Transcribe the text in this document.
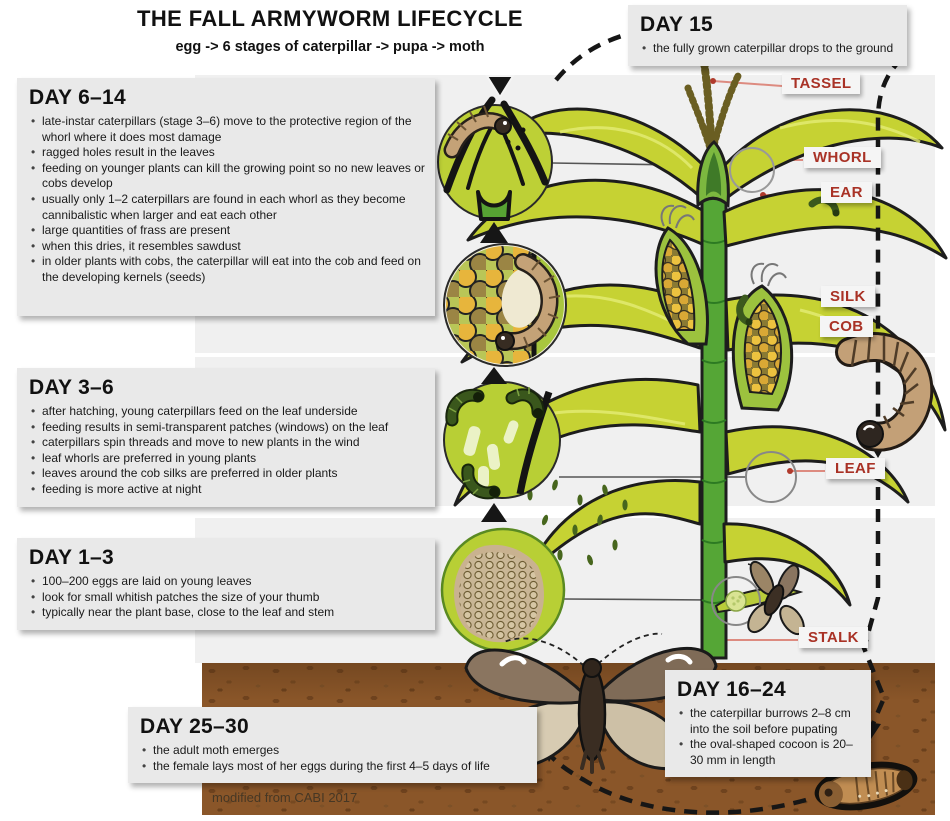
THE FALL ARMYWORM LIFECYCLE
egg -> 6 stages of caterpillar -> pupa -> moth
DAY 15
• the fully grown caterpillar drops to the ground
DAY 6–14
• late-instar caterpillars (stage 3–6) move to the protective region of the whorl where it does most damage
• ragged holes result in the leaves
• feeding on younger plants can kill the growing point so no new leaves or cobs develop
• usually only 1–2 caterpillars are found in each whorl as they become cannibalistic when larger and eat each other
• large quantities of frass are present
• when this dries, it resembles sawdust
• in older plants with cobs, the caterpillar will eat into the cob and feed on the developing kernels (seeds)
DAY 3–6
• after hatching, young caterpillars feed on the leaf underside
• feeding results in semi-transparent patches (windows) on the leaf
• caterpillars spin threads and move to new plants in the wind
• leaf whorls are preferred in young plants
• leaves around the cob silks are preferred in older plants
• feeding is more active at night
DAY 1–3
• 100–200 eggs are laid on young leaves
• look for small whitish patches the size of your thumb
• typically near the plant base, close to the leaf and stem
DAY 16–24
• the caterpillar burrows 2–8 cm into the soil before pupating
• the oval-shaped cocoon is 20–30 mm in length
DAY 25–30
• the adult moth emerges
• the female lays most of her eggs during the first 4–5 days of life
TASSEL
WHORL
EAR
SILK
COB
LEAF
STALK
modified from CABI 2017
